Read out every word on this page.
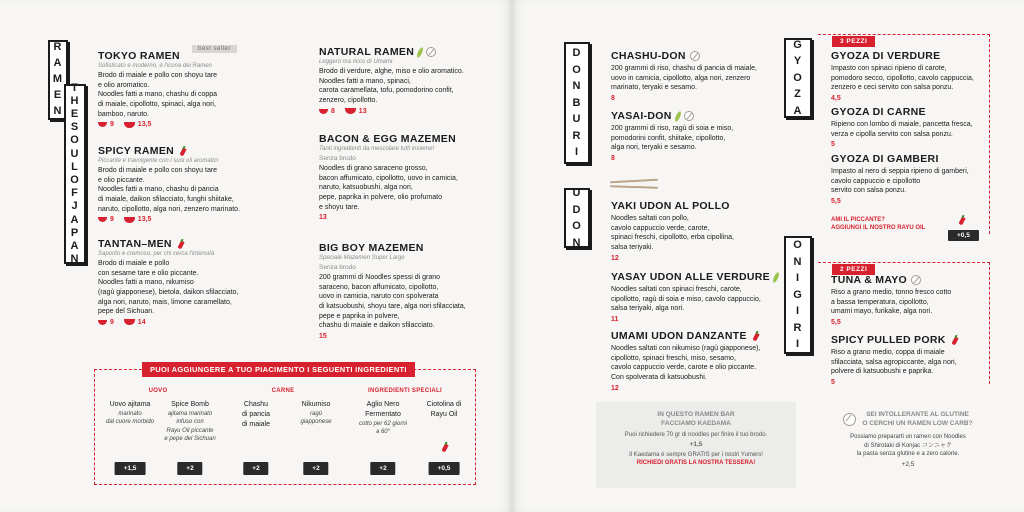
R
A
M
E
N
T
H
E
S
O
U
L
O
F
J
A
P
A
N
best seller
TOKYO RAMEN
Sofisticato e moderno, è l'icona dei Ramen

Brodo di maiale e pollo con shoyu tare
e olio aromatico.
Noodles fatti a mano, chashu di coppa
di maiale, cipollotto, spinaci, alga nori,
bamboo, naruto.

9
	13,5
SPICY RAMEN
Piccante e travolgente con i suoi oli aromatici

Brodo di maiale e pollo con shoyu tare
e olio piccante.
Noodles fatti a mano, chashu di pancia
di maiale, daikon sfilacciato, funghi shiitake,
naruto, cipollotto, alga nori, zenzero marinato.

9
	13,5
TANTAN–MEN
Saporito e cremoso, per chi cerca l'intensità

Brodo di maiale e pollo
con sesame tare e olio piccante.
Noodles fatti a mano, nikumiso
(ragù giapponese), bietola, daikon sfilacciato,
alga nori, naruto, mais, limone caramellato,
pepe del Sichuan.

9
	14
NATURAL RAMEN
Leggero ma ricco di Umami

Brodo di verdure, alghe, miso e olio aromatico.
Noodles fatti a mano, spinaci,
carota caramellata, tofu, pomodorino confit,
zenzero, cipollotto.

8
	13
BACON & EGG MAZEMEN
Tanti ingredienti da mescolare tutti insieme!
Senza brodo

Noodles di grano saraceno grosso,
bacon affumicato, cipollotto, uovo in camicia,
naruto, katsuobushi, alga nori,
pepe, paprika in polvere, olio profumato
e shoyu tare.

13
BIG BOY MAZEMEN
Speciale Mazemen Super Large
Senza brodo

200 grammi di Noodles spessi di grano
saraceno, bacon affumicato, cipollotto,
uovo in camicia, naruto con spolverata
di katsuobushi, shoyu tare, alga nori sfilacciata,
pepe e paprika in polvere,
chashu di maiale e daikon sfilacciato.

15
PUOI AGGIUNGERE A TUO PIACIMENTO I SEGUENTI INGREDIENTI
UOVO	CARNE	INGREDIENTI SPECIALI
Uovo ajitama
marinato
dal cuore morbido
+1,5
Spice Bomb
ajitama marinato
infuso con
Rayu Oil piccante
e pepe del Sichuan
+2
Chashu
di pancia
di maiale
+2
Nikumiso
ragù
giapponese
+2
Aglio Nero
Fermentato
cotto per 62 giorni
a 60°
+2
Ciotolina di
Rayu Oil
+0,5
D
O
N
B
U
R
I
U
D
O
N
G
Y
O
Z
A
O
N
I
G
I
R
I
CHASHU-DON

200 grammi di riso, chashu di pancia di maiale,
uovo in camicia, cipollotto, alga nori, zenzero
marinato, teryaki e sesamo.

8
YASAI-DON

200 grammi di riso, ragù di soia e miso,
pomodorini confit, shiitake, cipollotto,
alga nori, teryaki e sesamo.

8
YAKI UDON AL POLLO

Noodles saltati con pollo,
cavolo cappuccio verde, carote,
spinaci freschi, cipollotto, erba cipollina,
salsa teriyaki.

12
YASAY UDON ALLE VERDURE

Noodles saltati con spinaci freschi, carote,
cipollotto, ragù di soia e miso, cavolo cappuccio,
salsa teriyaki, alga nori.

11
UMAMI UDON DANZANTE

Noodles saltati con nikumiso (ragù giapponese),
cipollotto, spinaci freschi, miso, sesamo,
cavolo cappuccio verde, carote e olio piccante.
Con spolverata di katsuobushi.

12
3 PEZZI
GYOZA DI VERDURE

Impasto con spinaci ripieno di carote,
pomodoro secco, cipollotto, cavolo cappuccia,
zenzero e ceci servito con salsa ponzu.

4,5
GYOZA DI CARNE

Ripieno con lombo di maiale, pancetta fresca,
verza e cipolla servito con salsa ponzu.

5
GYOZA DI GAMBERI

Impasto al nero di seppia ripieno di gamberi,
cavolo cappuccio e cipollotto
servito con salsa ponzu.

5,5
AMI IL PICCANTE?
AGGIUNGI IL NOSTRO RAYU OIL
+0,5
2 PEZZI
TUNA & MAYO

Riso a grano medio, tonno fresco cotto
a bassa temperatura, cipollotto,
umami mayo, furikake, alga nori.

5,5
SPICY PULLED PORK

Riso a grano medio, coppa di maiale
sfilacciata, salsa agropiccante, alga nori,
polvere di katsuobushi e paprika.

5
IN QUESTO RAMEN BAR
FACCIAMO KAEDAMA
Puoi richiedere 70 gr di noodles per finire il tuo brodo.
+1,5
Il Kaedama è sempre GRATIS per i nostri Yumers!
RICHIEDI GRATIS LA NOSTRA TESSERA!
SEI INTOLLERANTE AL GLUTINE
O CERCHI UN RAMEN LOW CARB?
Possiamo prepararti un ramen con Noodles
di Shirotaki di Konjac コンニャク
la pasta senza glutine e a zero calorie.
+2,5
